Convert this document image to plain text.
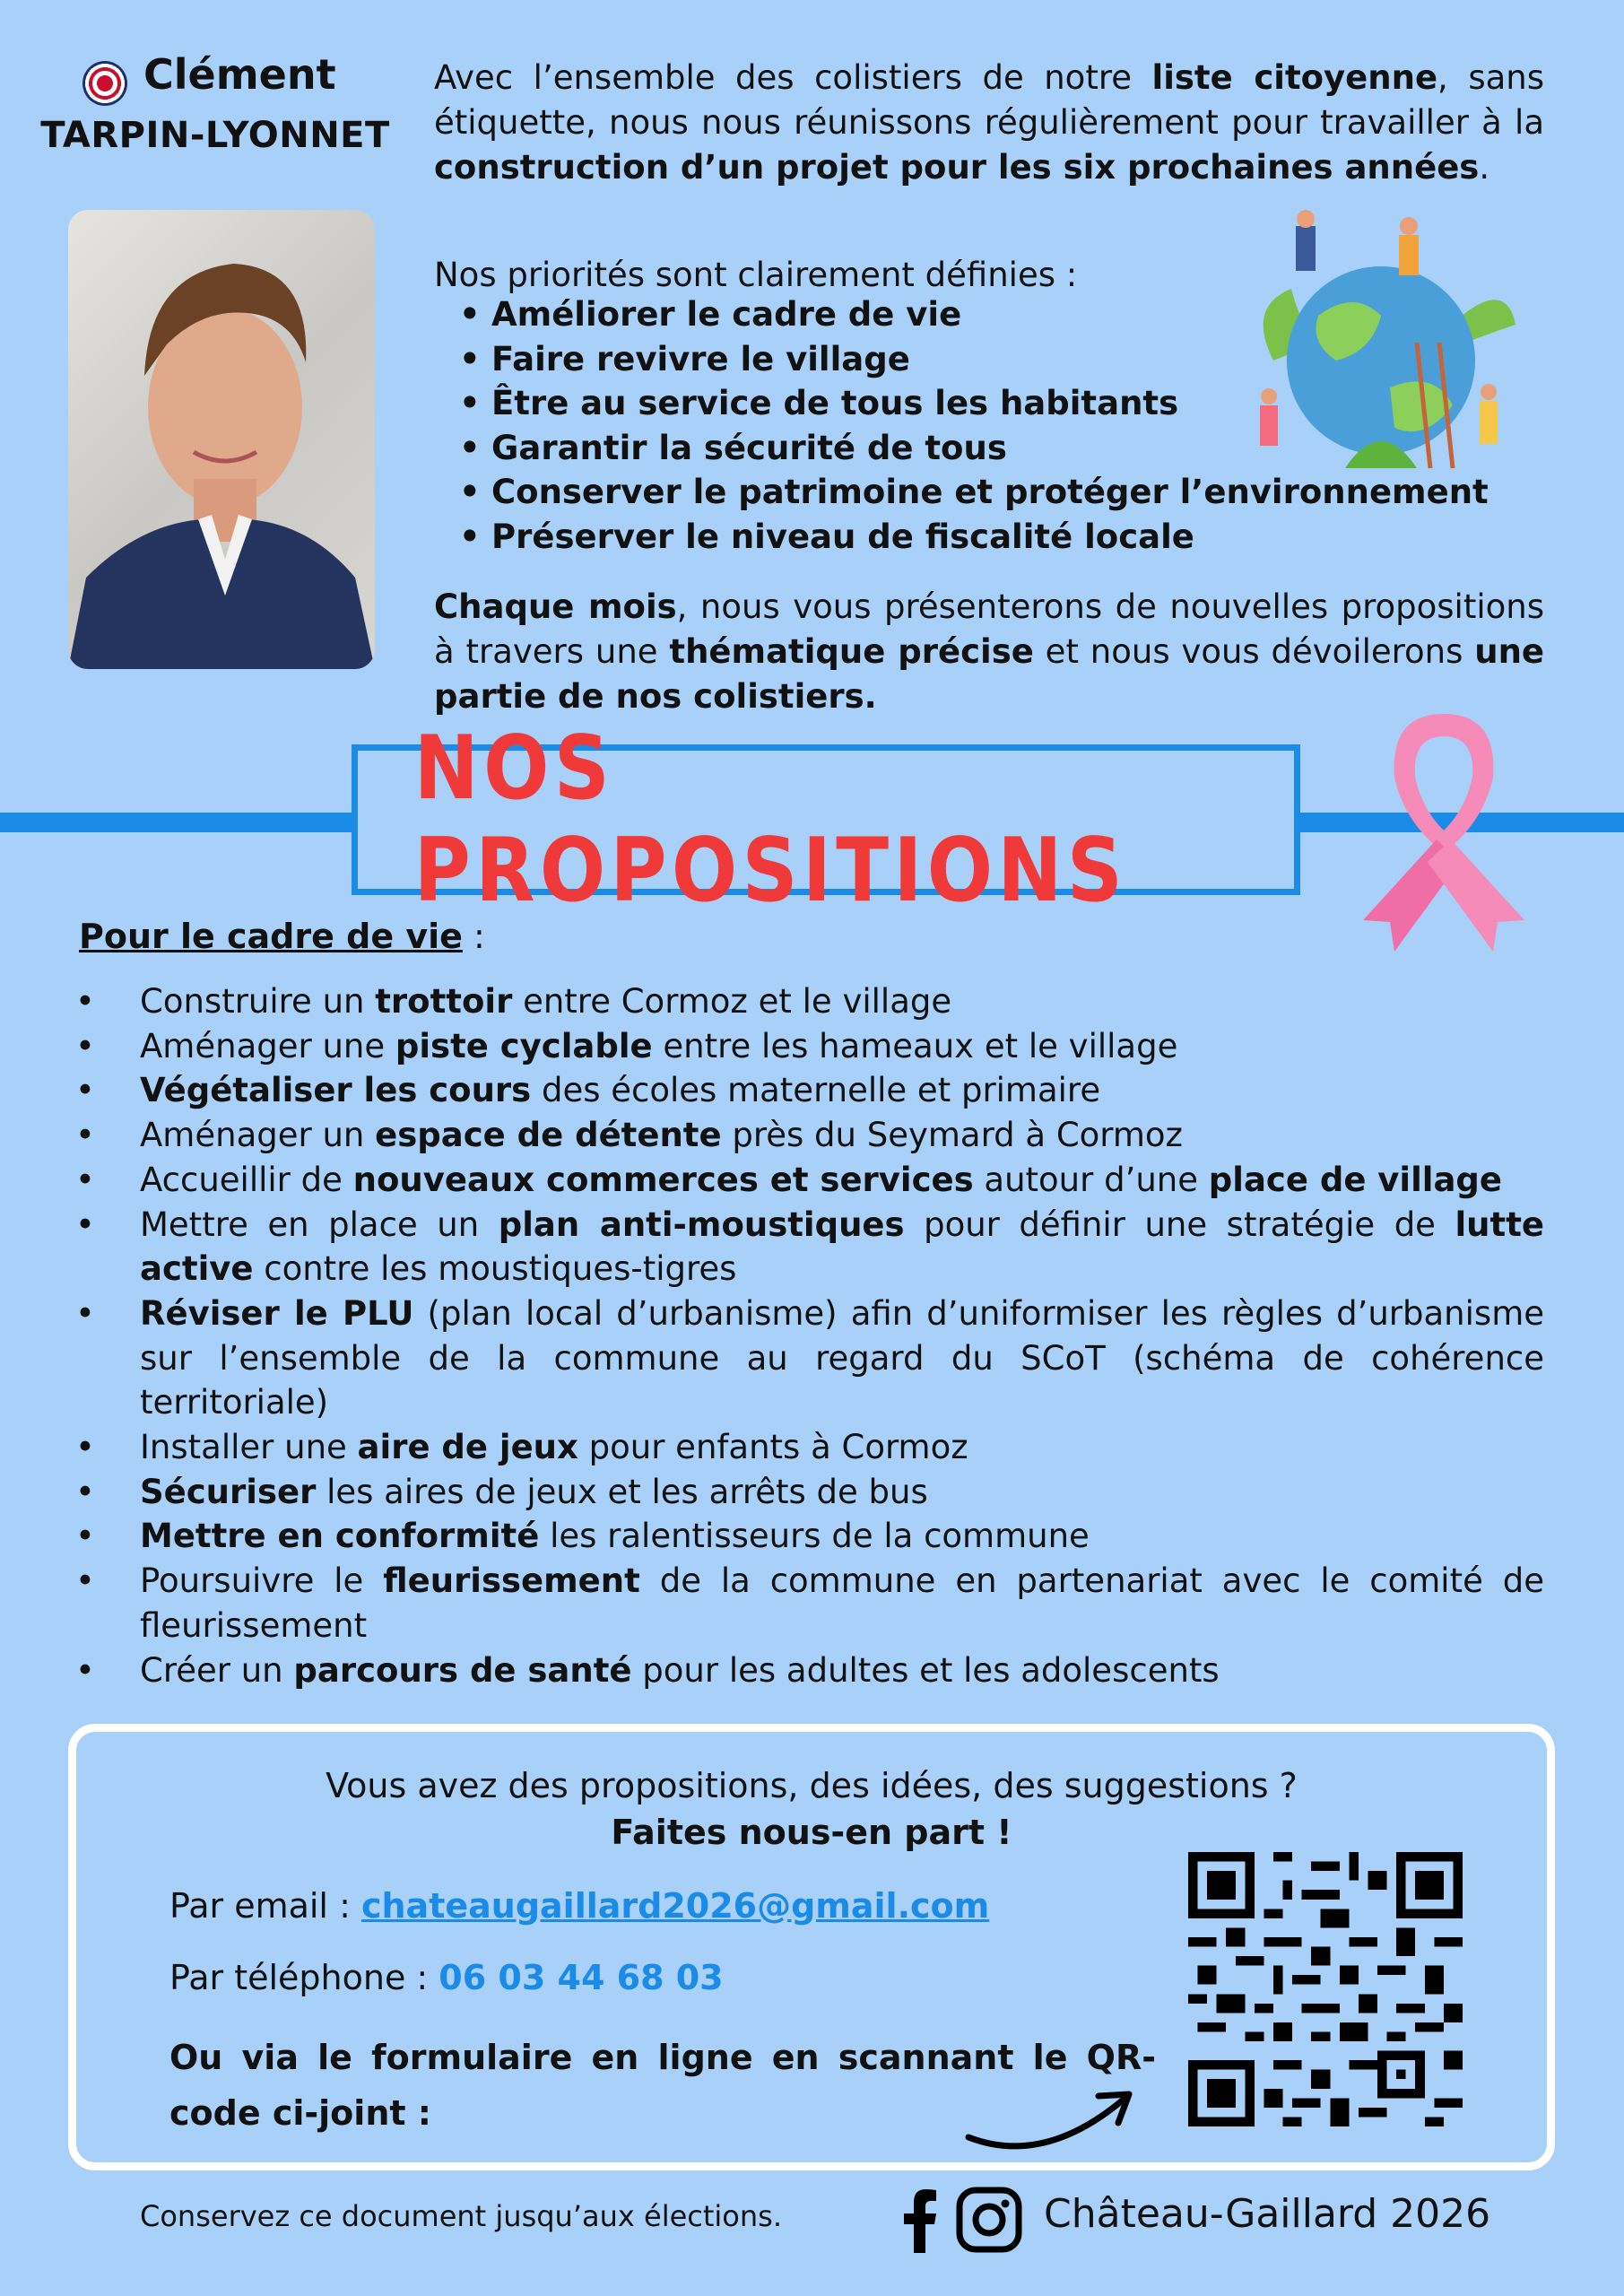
Clément
TARPIN-LYONNET

Avec l’ensemble des colistiers de notre liste citoyenne, sans étiquette, nous nous réunissons régulièrement pour travailler à la construction d’un projet pour les six prochaines années.

Nos priorités sont clairement définies :
• Améliorer le cadre de vie
• Faire revivre le village
• Être au service de tous les habitants
• Garantir la sécurité de tous
• Conserver le patrimoine et protéger l’environnement
• Préserver le niveau de fiscalité locale

Chaque mois, nous vous présenterons de nouvelles propositions à travers une thématique précise et nous vous dévoilerons une partie de nos colistiers.

NOS PROPOSITIONS
Pour le cadre de vie :
• Construire un trottoir entre Cormoz et le village
• Aménager une piste cyclable entre les hameaux et le village
• Végétaliser les cours des écoles maternelle et primaire
• Aménager un espace de détente près du Seymard à Cormoz
• Accueillir de nouveaux commerces et services autour d’une place de village
• Mettre en place un plan anti-moustiques pour définir une stratégie de lutte active contre les moustiques-tigres
• Réviser le PLU (plan local d’urbanisme) afin d’uniformiser les règles d’urbanisme sur l’ensemble de la commune au regard du SCoT (schéma de cohérence territoriale)
• Installer une aire de jeux pour enfants à Cormoz
• Sécuriser les aires de jeux et les arrêts de bus
• Mettre en conformité les ralentisseurs de la commune
• Poursuivre le fleurissement de la commune en partenariat avec le comité de fleurissement
• Créer un parcours de santé pour les adultes et les adolescents
Vous avez des propositions, des idées, des suggestions ?
Faites nous-en part !
Par email : chateaugaillard2026@gmail.com
Par téléphone : 06 03 44 68 03
Ou via le formulaire en ligne en scannant le QR-code ci-joint :
Conservez ce document jusqu’aux élections.	Château-Gaillard 2026
